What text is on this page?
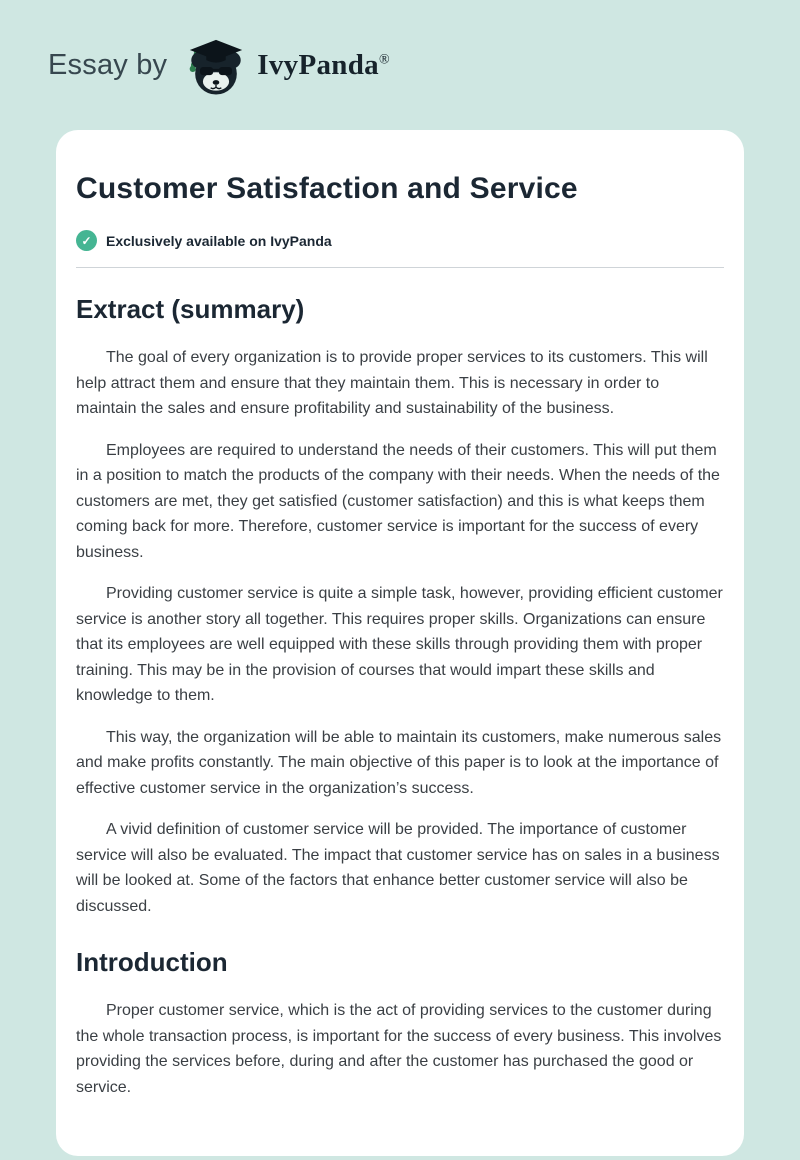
Essay by	IvyPanda®
Customer Satisfaction and Service
✓	Exclusively available on IvyPanda
Extract (summary)

The goal of every organization is to provide proper services to its customers. This will help attract them and ensure that they maintain them. This is necessary in order to maintain the sales and ensure profitability and sustainability of the business.

Employees are required to understand the needs of their customers. This will put them in a position to match the products of the company with their needs. When the needs of the customers are met, they get satisfied (customer satisfaction) and this is what keeps them coming back for more. Therefore, customer service is important for the success of every business.

Providing customer service is quite a simple task, however, providing efficient customer service is another story all together. This requires proper skills. Organizations can ensure that its employees are well equipped with these skills through providing them with proper training. This may be in the provision of courses that would impart these skills and knowledge to them.

This way, the organization will be able to maintain its customers, make numerous sales and make profits constantly. The main objective of this paper is to look at the importance of effective customer service in the organization’s success.

A vivid definition of customer service will be provided. The importance of customer service will also be evaluated. The impact that customer service has on sales in a business will be looked at. Some of the factors that enhance better customer service will also be discussed.

Introduction

Proper customer service, which is the act of providing services to the customer during the whole transaction process, is important for the success of every business. This involves providing the services before, during and after the customer has purchased the good or service.
